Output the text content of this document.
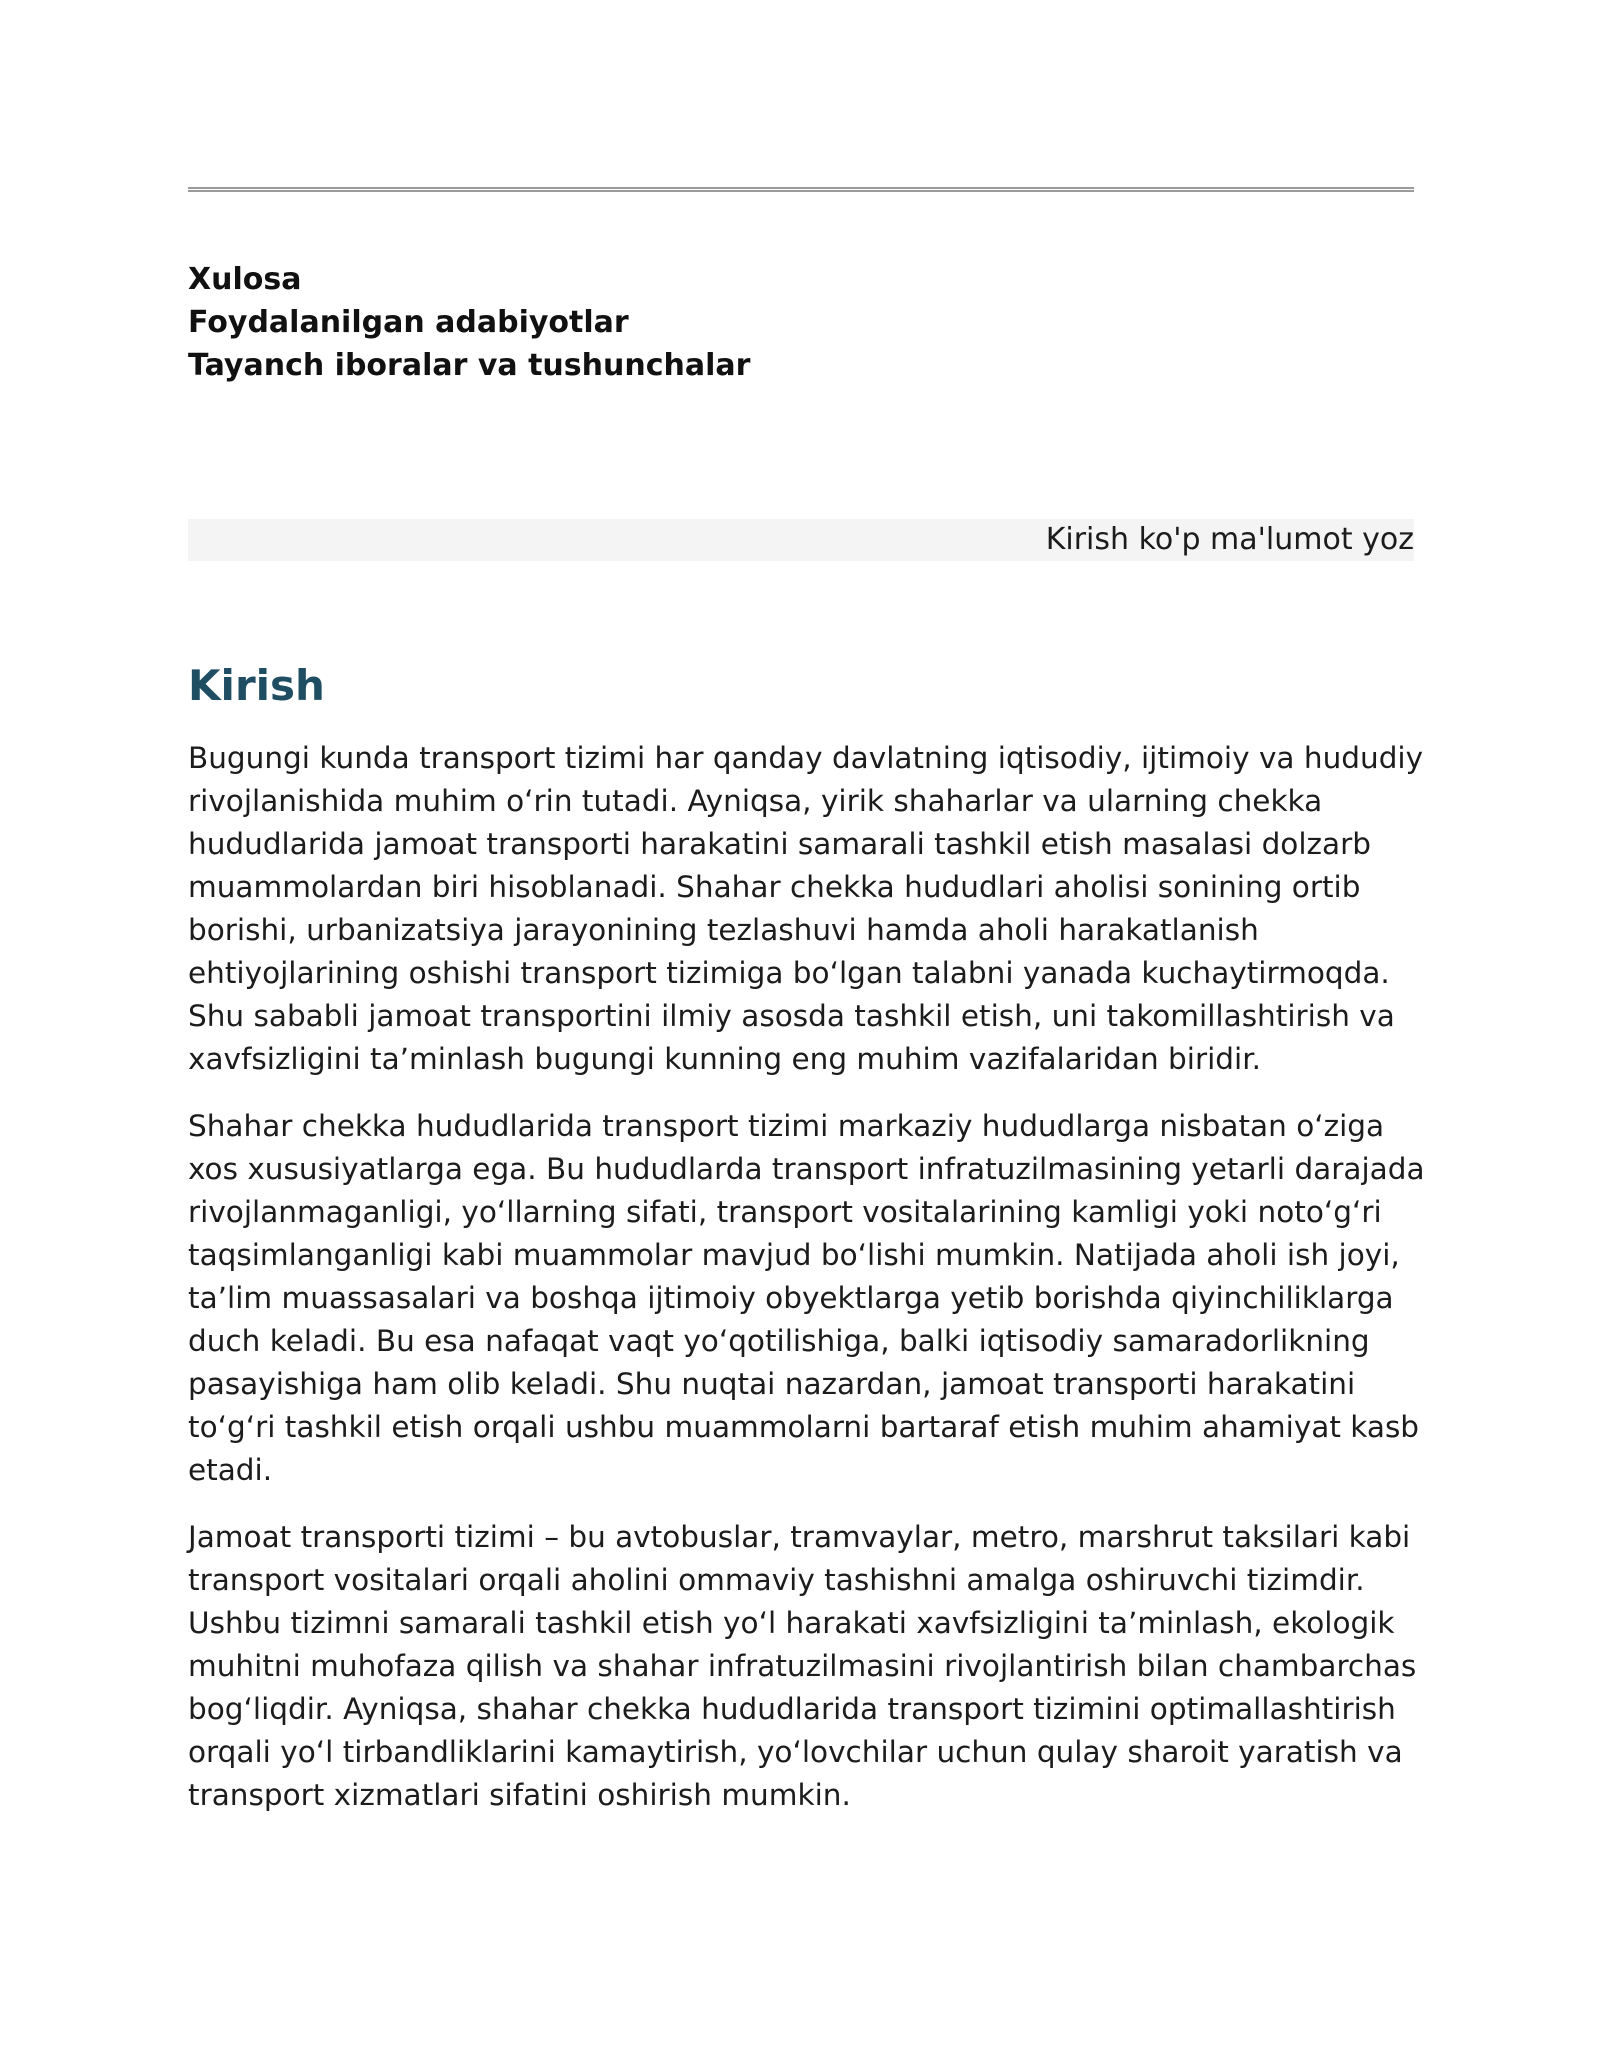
Xulosa
Foydalanilgan adabiyotlar
Tayanch iboralar va tushunchalar
Kirish ko'p ma'lumot yoz
Kirish

Bugungi kunda transport tizimi har qanday davlatning iqtisodiy, ijtimoiy va hududiy rivojlanishida muhim oʻrin tutadi. Ayniqsa, yirik shaharlar va ularning chekka hududlarida jamoat transporti harakatini samarali tashkil etish masalasi dolzarb muammolardan biri hisoblanadi. Shahar chekka hududlari aholisi sonining ortib borishi, urbanizatsiya jarayonining tezlashuvi hamda aholi harakatlanish ehtiyojlarining oshishi transport tizimiga boʻlgan talabni yanada kuchaytirmoqda. Shu sababli jamoat transportini ilmiy asosda tashkil etish, uni takomillashtirish va xavfsizligini taʼminlash bugungi kunning eng muhim vazifalaridan biridir.

Shahar chekka hududlarida transport tizimi markaziy hududlarga nisbatan oʻziga xos xususiyatlarga ega. Bu hududlarda transport infratuzilmasining yetarli darajada rivojlanmaganligi, yoʻllarning sifati, transport vositalarining kamligi yoki notoʻgʻri taqsimlanganligi kabi muammolar mavjud boʻlishi mumkin. Natijada aholi ish joyi, taʼlim muassasalari va boshqa ijtimoiy obyektlarga yetib borishda qiyinchiliklarga duch keladi. Bu esa nafaqat vaqt yoʻqotilishiga, balki iqtisodiy samaradorlikning pasayishiga ham olib keladi. Shu nuqtai nazardan, jamoat transporti harakatini toʻgʻri tashkil etish orqali ushbu muammolarni bartaraf etish muhim ahamiyat kasb etadi.

Jamoat transporti tizimi – bu avtobuslar, tramvaylar, metro, marshrut taksilari kabi transport vositalari orqali aholini ommaviy tashishni amalga oshiruvchi tizimdir. Ushbu tizimni samarali tashkil etish yoʻl harakati xavfsizligini taʼminlash, ekologik muhitni muhofaza qilish va shahar infratuzilmasini rivojlantirish bilan chambarchas bogʻliqdir. Ayniqsa, shahar chekka hududlarida transport tizimini optimallashtirish orqali yoʻl tirbandliklarini kamaytirish, yoʻlovchilar uchun qulay sharoit yaratish va transport xizmatlari sifatini oshirish mumkin.
